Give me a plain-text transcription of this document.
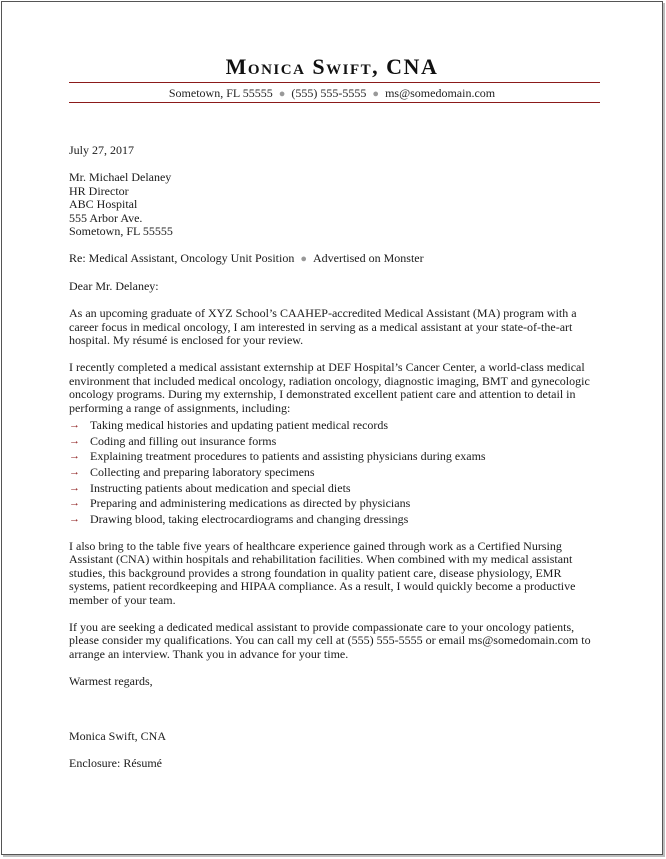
Monica Swift, CNA
Sometown, FL 55555 ● (555) 555-5555 ● ms@somedomain.com

July 27, 2017

Mr. Michael Delaney
HR Director
ABC Hospital
555 Arbor Ave.
Sometown, FL 55555

Re: Medical Assistant, Oncology Unit Position ● Advertised on Monster

Dear Mr. Delaney:

As an upcoming graduate of XYZ School’s CAAHEP-accredited Medical Assistant (MA) program with a career focus in medical oncology, I am interested in serving as a medical assistant at your state-of-the-art hospital. My résumé is enclosed for your review.

I recently completed a medical assistant externship at DEF Hospital’s Cancer Center, a world-class medical environment that included medical oncology, radiation oncology, diagnostic imaging, BMT and gynecologic oncology programs. During my externship, I demonstrated excellent patient care and attention to detail in performing a range of assignments, including:

→ Taking medical histories and updating patient medical records
→ Coding and filling out insurance forms
→ Explaining treatment procedures to patients and assisting physicians during exams
→ Collecting and preparing laboratory specimens
→ Instructing patients about medication and special diets
→ Preparing and administering medications as directed by physicians
→ Drawing blood, taking electrocardiograms and changing dressings

I also bring to the table five years of healthcare experience gained through work as a Certified Nursing Assistant (CNA) within hospitals and rehabilitation facilities. When combined with my medical assistant studies, this background provides a strong foundation in quality patient care, disease physiology, EMR systems, patient recordkeeping and HIPAA compliance. As a result, I would quickly become a productive member of your team.

If you are seeking a dedicated medical assistant to provide compassionate care to your oncology patients, please consider my qualifications. You can call my cell at (555) 555-5555 or email ms@somedomain.com to arrange an interview. Thank you in advance for your time.

Warmest regards,

Monica Swift, CNA

Enclosure: Résumé
